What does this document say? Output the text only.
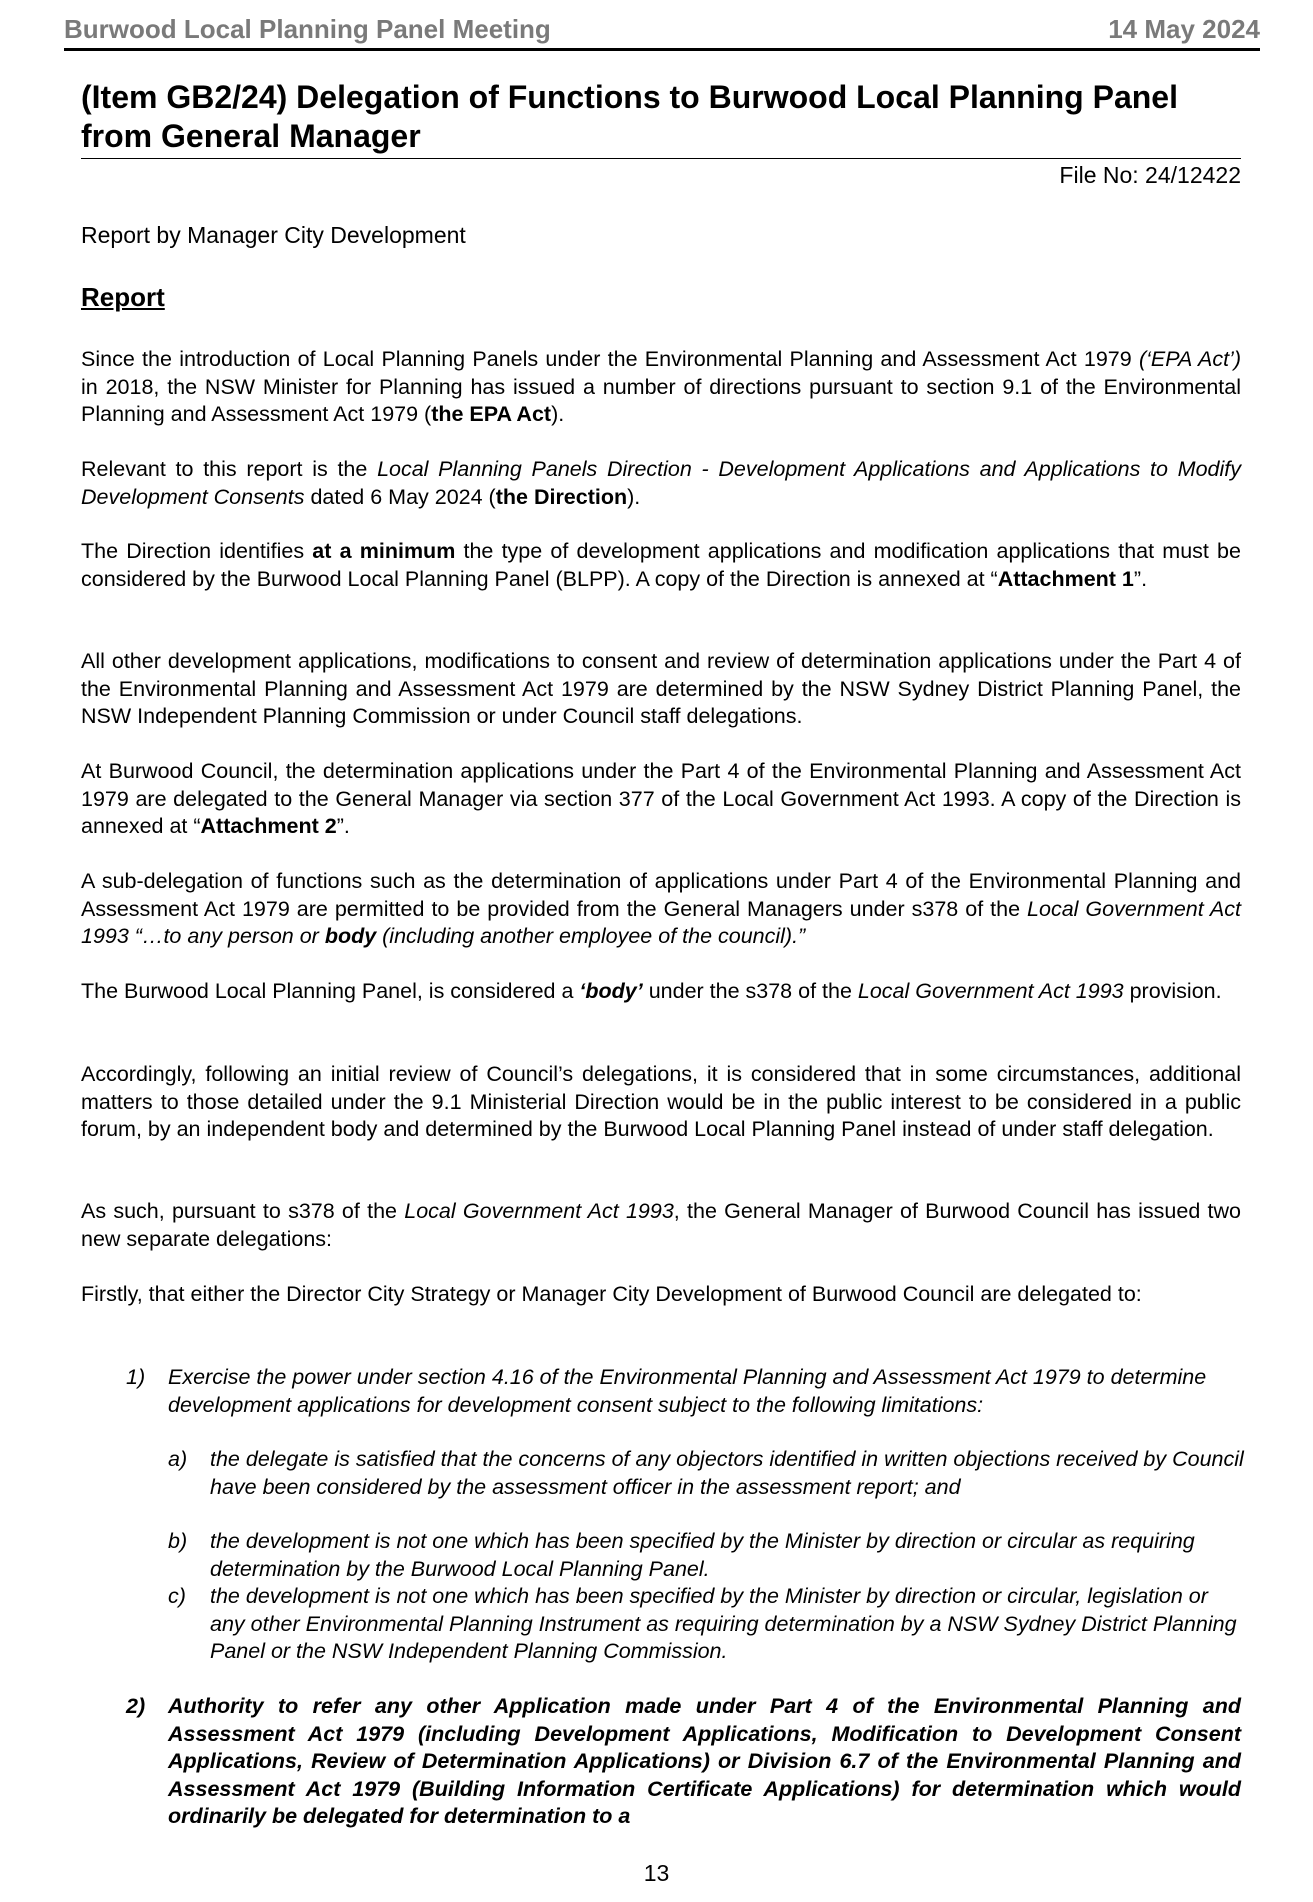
Burwood Local Planning Panel Meeting	14 May 2024
(Item GB2/24) Delegation of Functions to Burwood Local Planning Panel from General Manager
File No: 24/12422
Report by Manager City Development
Report

Since the introduction of Local Planning Panels under the Environmental Planning and Assessment Act 1979 (‘EPA Act’) in 2018, the NSW Minister for Planning has issued a number of directions pursuant to section 9.1 of the Environmental Planning and Assessment Act 1979 (the EPA Act).

Relevant to this report is the Local Planning Panels Direction - Development Applications and Applications to Modify Development Consents dated 6 May 2024 (the Direction).

The Direction identifies at a minimum the type of development applications and modification applications that must be considered by the Burwood Local Planning Panel (BLPP). A copy of the Direction is annexed at “Attachment 1”.

All other development applications, modifications to consent and review of determination applications under the Part 4 of the Environmental Planning and Assessment Act 1979 are determined by the NSW Sydney District Planning Panel, the NSW Independent Planning Commission or under Council staff delegations.

At Burwood Council, the determination applications under the Part 4 of the Environmental Planning and Assessment Act 1979 are delegated to the General Manager via section 377 of the Local Government Act 1993. A copy of the Direction is annexed at “Attachment 2”.

A sub-delegation of functions such as the determination of applications under Part 4 of the Environmental Planning and Assessment Act 1979 are permitted to be provided from the General Managers under s378 of the Local Government Act 1993 “…to any person or body (including another employee of the council).”

The Burwood Local Planning Panel, is considered a ‘body’ under the s378 of the Local Government Act 1993 provision.

Accordingly, following an initial review of Council’s delegations, it is considered that in some circumstances, additional matters to those detailed under the 9.1 Ministerial Direction would be in the public interest to be considered in a public forum, by an independent body and determined by the Burwood Local Planning Panel instead of under staff delegation.

As such, pursuant to s378 of the Local Government Act 1993, the General Manager of Burwood Council has issued two new separate delegations:

Firstly, that either the Director City Strategy or Manager City Development of Burwood Council are delegated to:

1) Exercise the power under section 4.16 of the Environmental Planning and Assessment Act 1979 to determine development applications for development consent subject to the following limitations:
a) the delegate is satisfied that the concerns of any objectors identified in written objections received by Council have been considered by the assessment officer in the assessment report; and
b) the development is not one which has been specified by the Minister by direction or circular as requiring determination by the Burwood Local Planning Panel.
c) the development is not one which has been specified by the Minister by direction or circular, legislation or any other Environmental Planning Instrument as requiring determination by a NSW Sydney District Planning Panel or the NSW Independent Planning Commission.
2) Authority to refer any other Application made under Part 4 of the Environmental Planning and Assessment Act 1979 (including Development Applications, Modification to Development Consent Applications, Review of Determination Applications) or Division 6.7 of the Environmental Planning and Assessment Act 1979 (Building Information Certificate Applications) for determination which would ordinarily be delegated for determination to a
13
